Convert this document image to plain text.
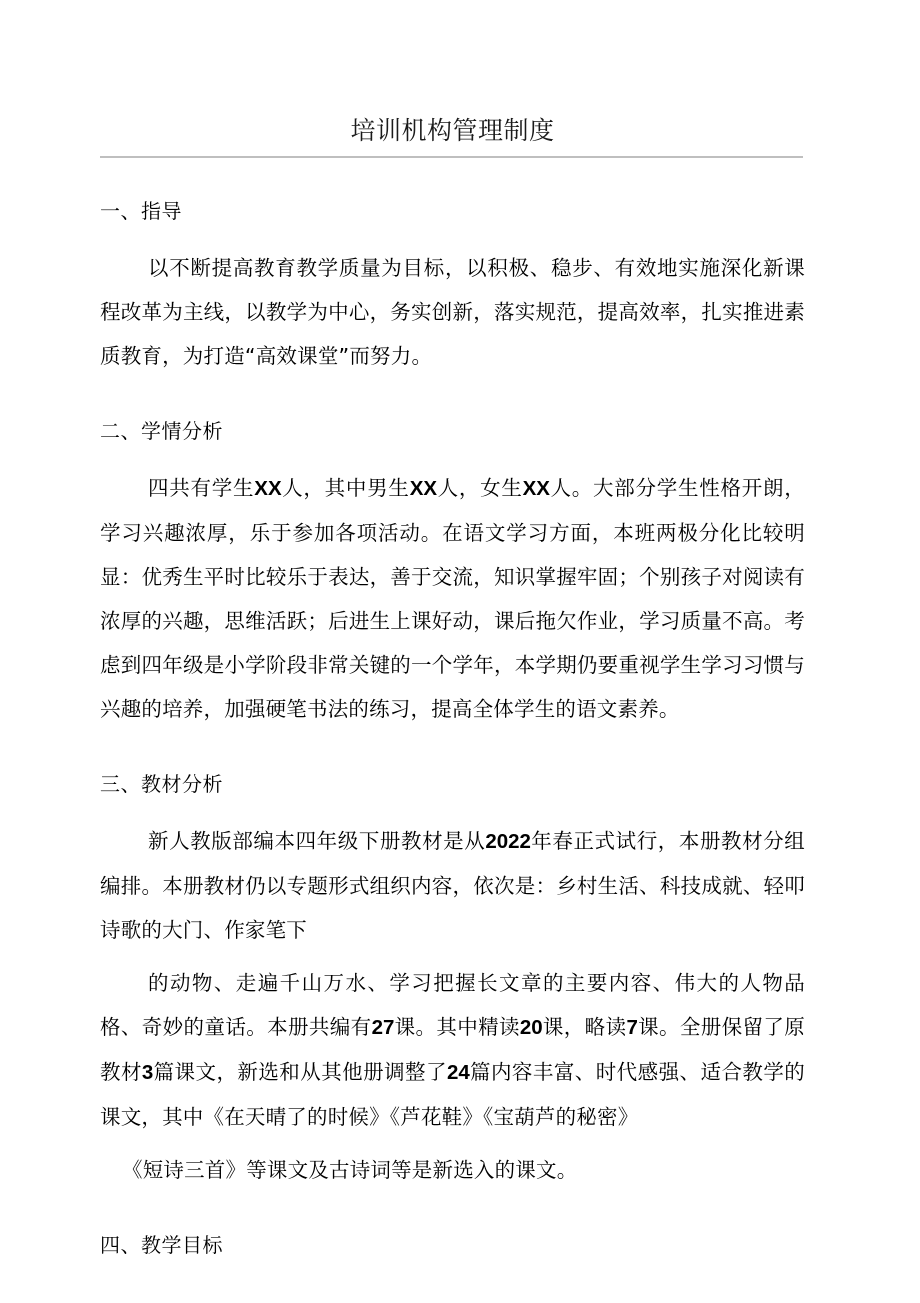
培训机构管理制度
一、指导

以不断提高教育教学质量为目标，以积极、稳步、有效地实施深化新课程改革为主线，以教学为中心，务实创新，落实规范，提高效率，扎实推进素质教育，为打造“高效课堂”而努力。

二、学情分析

四共有学生XX人，其中男生XX人，女生XX人。大部分学生性格开朗，学习兴趣浓厚，乐于参加各项活动。在语文学习方面，本班两极分化比较明显：优秀生平时比较乐于表达，善于交流，知识掌握牢固；个别孩子对阅读有浓厚的兴趣，思维活跃；后进生上课好动，课后拖欠作业，学习质量不高。考虑到四年级是小学阶段非常关键的一个学年，本学期仍要重视学生学习习惯与兴趣的培养，加强硬笔书法的练习，提高全体学生的语文素养。

三、教材分析

新人教版部编本四年级下册教材是从2022年春正式试行，本册教材分组编排。本册教材仍以专题形式组织内容，依次是：乡村生活、科技成就、轻叩诗歌的大门、作家笔下

的动物、走遍千山万水、学习把握长文章的主要内容、伟大的人物品格、奇妙的童话。本册共编有27课。其中精读20课，略读7课。全册保留了原教材3篇课文，新选和从其他册调整了24篇内容丰富、时代感强、适合教学的课文，其中《在天晴了的时候》《芦花鞋》《宝葫芦的秘密》

《短诗三首》等课文及古诗词等是新选入的课文。

四、教学目标
